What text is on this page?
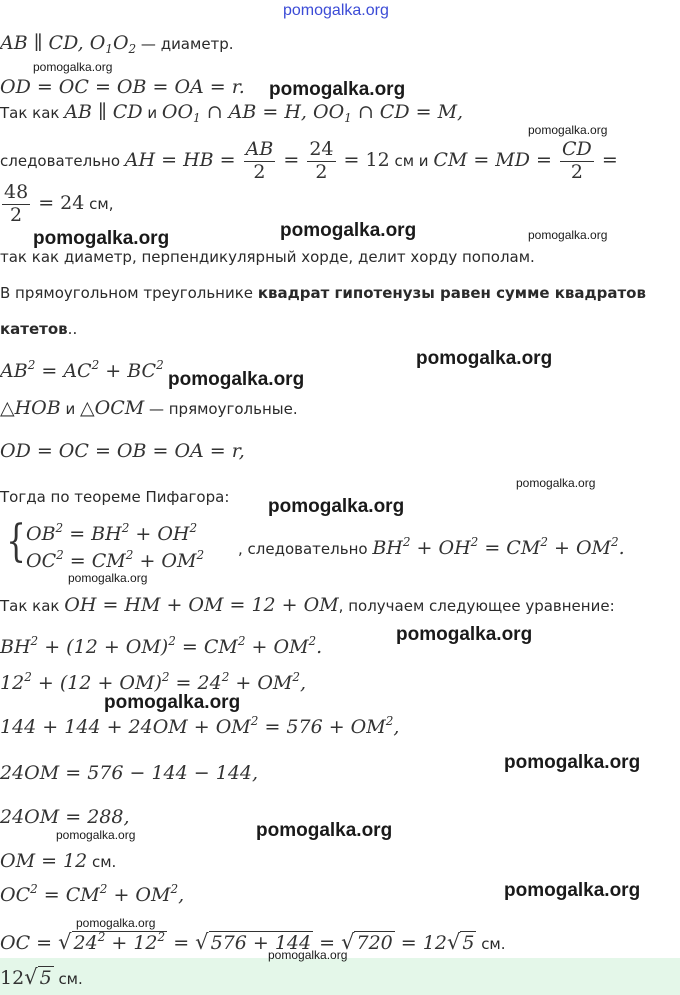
pomogalka.org
AB ∥ CD, $O_1O_2$ — диаметр.
OD = OC = OB = OA = r.
Так как AB ∥ CD и $OO_1$ ∩ AB = H, $OO_1$ ∩ CD = M,
следовательно AH = HB = $\frac{AB}{2} = \frac{24}{2} = 12$ см и CM = MD = $\frac{CD}{2}$ =
$\frac{48}{2} = 24$ см,
так как диаметр, перпендикулярный хорде, делит хорду пополам.
В прямоугольном треугольнике квадрат гипотенузы равен сумме квадратов
катетов..
$AB^2 = AC^2 + BC^2$
△HOB и △OCM — прямоугольные.
OD = OC = OB = OA = r,
Тогда по теореме Пифагора:
{ $OB^2 = BH^2 + OH^2$
$OC^2 = CM^2 + OM^2$ , следовательно $BH^2 + OH^2 = CM^2 + OM^2$.
Так как OH = HM + OM = 12 + OM, получаем следующее уравнение:
$BH^2 + (12 + OM)^2 = CM^2 + OM^2$.
$12^2 + (12 + OM)^2 = 24^2 + OM^2$,
$144 + 144 + 24OM + OM^2 = 576 + OM^2$,
24OM = 576 − 144 − 144,
24OM = 288,
OM = 12 см.
$OC^2 = CM^2 + OM^2$,
OC = √ $24^2 + 12^2$ = √ 576 + 144 = √ 720 = 12√ 5 см.
12√ 5 см.
pomogalka.org
pomogalka.org
pomogalka.org
pomogalka.org	pomogalka.org	pomogalka.org
pomogalka.org
pomogalka.org
pomogalka.org
pomogalka.org
pomogalka.org
pomogalka.org
pomogalka.org
pomogalka.org
pomogalka.org	pomogalka.org
pomogalka.org
pomogalka.org
pomogalka.org
